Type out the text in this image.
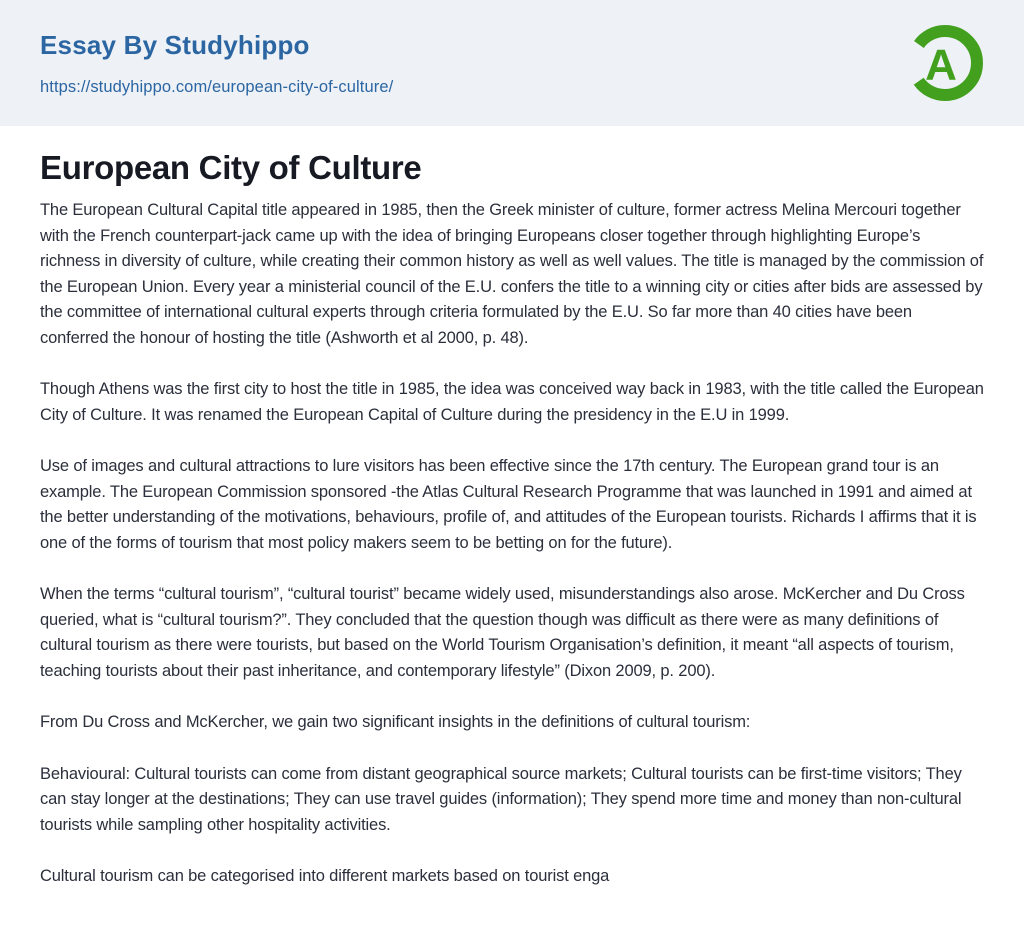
Essay By Studyhippo
https://studyhippo.com/european-city-of-culture/	A
European City of Culture

The European Cultural Capital title appeared in 1985, then the Greek minister of culture, former actress Melina Mercouri together with the French counterpart-jack came up with the idea of bringing Europeans closer together through highlighting Europe’s richness in diversity of culture, while creating their common history as well as well values. The title is managed by the commission of the European Union. Every year a ministerial council of the E.U. confers the title to a winning city or cities after bids are assessed by the committee of international cultural experts through criteria formulated by the E.U. So far more than 40 cities have been conferred the honour of hosting the title (Ashworth et al 2000, p. 48).

Though Athens was the first city to host the title in 1985, the idea was conceived way back in 1983, with the title called the European City of Culture. It was renamed the European Capital of Culture during the presidency in the E.U in 1999.

Use of images and cultural attractions to lure visitors has been effective since the 17th century. The European grand tour is an example. The European Commission sponsored -the Atlas Cultural Research Programme that was launched in 1991 and aimed at the better understanding of the motivations, behaviours, profile of, and attitudes of the European tourists. Richards I affirms that it is one of the forms of tourism that most policy makers seem to be betting on for the future).

When the terms “cultural tourism”, “cultural tourist” became widely used, misunderstandings also arose. McKercher and Du Cross queried, what is “cultural tourism?”. They concluded that the question though was difficult as there were as many definitions of cultural tourism as there were tourists, but based on the World Tourism Organisation’s definition, it meant “all aspects of tourism, teaching tourists about their past inheritance, and contemporary lifestyle” (Dixon 2009, p. 200).

From Du Cross and McKercher, we gain two significant insights in the definitions of cultural tourism:

Behavioural: Cultural tourists can come from distant geographical source markets; Cultural tourists can be first-time visitors; They can stay longer at the destinations; They can use travel guides (information); They spend more time and money than non-cultural tourists while sampling other hospitality activities.

Cultural tourism can be categorised into different markets based on tourist enga
